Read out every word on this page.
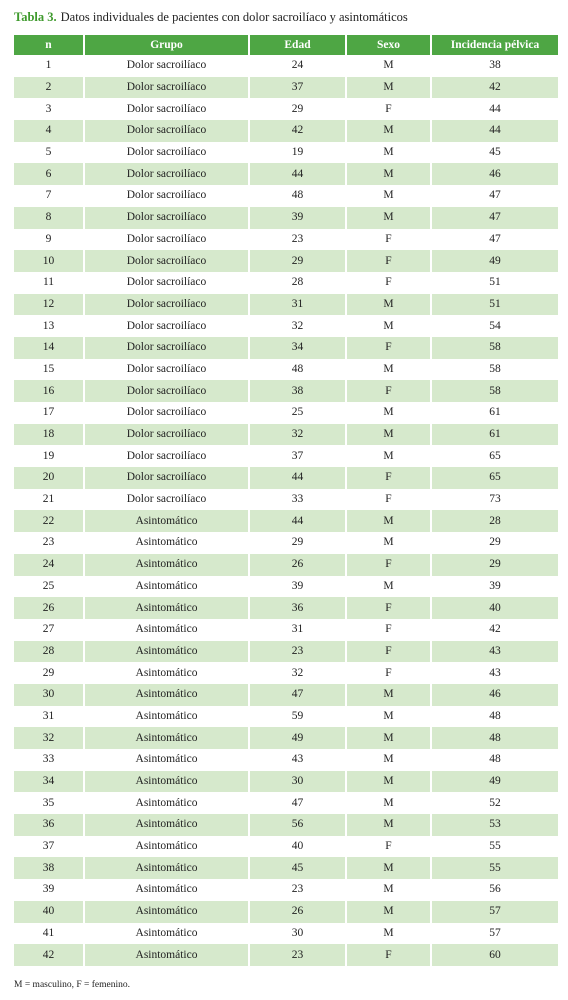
Tabla 3. Datos individuales de pacientes con dolor sacroilíaco y asintomáticos
n	Grupo	Edad	Sexo	Incidencia pélvica
1	Dolor sacroilíaco	24	M	38
2	Dolor sacroilíaco	37	M	42
3	Dolor sacroilíaco	29	F	44
4	Dolor sacroilíaco	42	M	44
5	Dolor sacroilíaco	19	M	45
6	Dolor sacroilíaco	44	M	46
7	Dolor sacroilíaco	48	M	47
8	Dolor sacroilíaco	39	M	47
9	Dolor sacroilíaco	23	F	47
10	Dolor sacroilíaco	29	F	49
11	Dolor sacroilíaco	28	F	51
12	Dolor sacroilíaco	31	M	51
13	Dolor sacroilíaco	32	M	54
14	Dolor sacroilíaco	34	F	58
15	Dolor sacroilíaco	48	M	58
16	Dolor sacroilíaco	38	F	58
17	Dolor sacroilíaco	25	M	61
18	Dolor sacroilíaco	32	M	61
19	Dolor sacroilíaco	37	M	65
20	Dolor sacroilíaco	44	F	65
21	Dolor sacroilíaco	33	F	73
22	Asintomático	44	M	28
23	Asintomático	29	M	29
24	Asintomático	26	F	29
25	Asintomático	39	M	39
26	Asintomático	36	F	40
27	Asintomático	31	F	42
28	Asintomático	23	F	43
29	Asintomático	32	F	43
30	Asintomático	47	M	46
31	Asintomático	59	M	48
32	Asintomático	49	M	48
33	Asintomático	43	M	48
34	Asintomático	30	M	49
35	Asintomático	47	M	52
36	Asintomático	56	M	53
37	Asintomático	40	F	55
38	Asintomático	45	M	55
39	Asintomático	23	M	56
40	Asintomático	26	M	57
41	Asintomático	30	M	57
42	Asintomático	23	F	60
M = masculino, F = femenino.
